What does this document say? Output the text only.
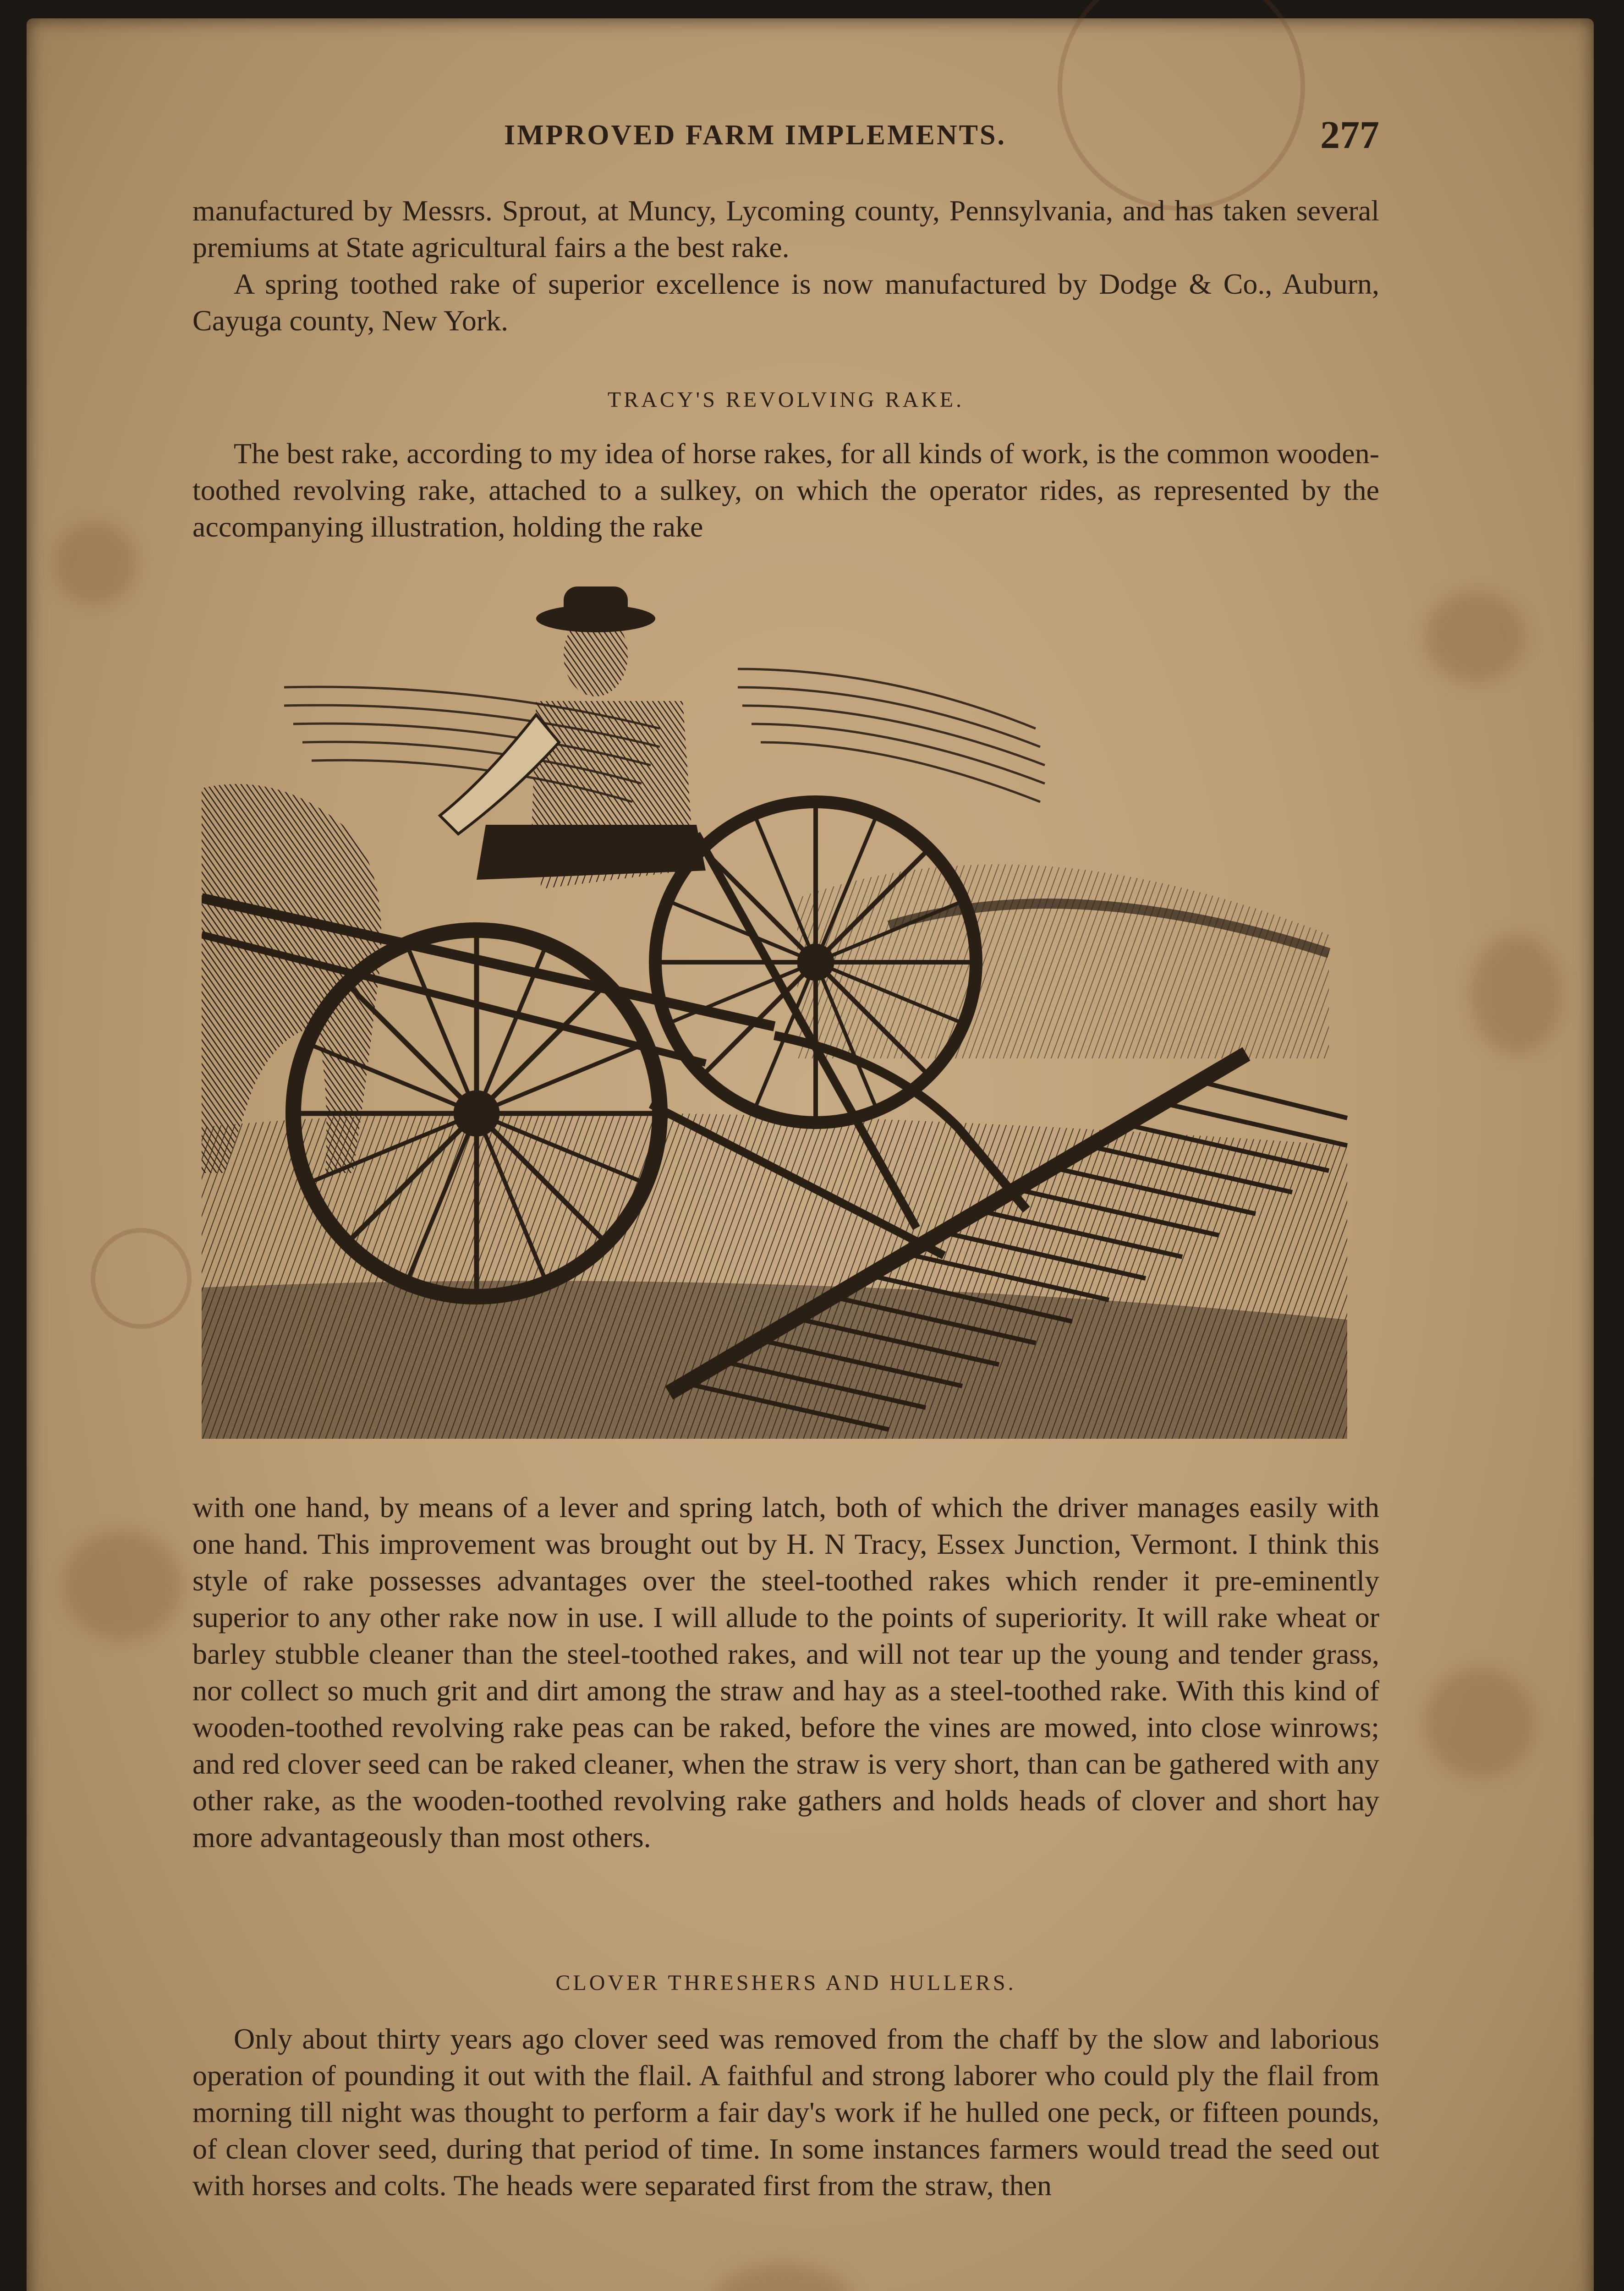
IMPROVED FARM IMPLEMENTS.	277

manufactured by Messrs. Sprout, at Muncy, Lycoming county, Pennsylvania, and has taken several premiums at State agricultural fairs a the best rake.

A spring toothed rake of superior excellence is now manufactured by Dodge & Co., Auburn, Cayuga county, New York.

TRACY'S REVOLVING RAKE.

The best rake, according to my idea of horse rakes, for all kinds of work, is the common wooden-toothed revolving rake, attached to a sulkey, on which the operator rides, as represented by the accompanying illustration, holding the rake

with one hand, by means of a lever and spring latch, both of which the driver manages easily with one hand. This improvement was brought out by H. N Tracy, Essex Junction, Vermont. I think this style of rake possesses advantages over the steel-toothed rakes which render it pre-eminently superior to any other rake now in use. I will allude to the points of superiority. It will rake wheat or barley stubble cleaner than the steel-toothed rakes, and will not tear up the young and tender grass, nor collect so much grit and dirt among the straw and hay as a steel-toothed rake. With this kind of wooden-toothed revolving rake peas can be raked, before the vines are mowed, into close winrows; and red clover seed can be raked cleaner, when the straw is very short, than can be gathered with any other rake, as the wooden-toothed revolving rake gathers and holds heads of clover and short hay more advantageously than most others.

CLOVER THRESHERS AND HULLERS.

Only about thirty years ago clover seed was removed from the chaff by the slow and laborious operation of pounding it out with the flail. A faithful and strong laborer who could ply the flail from morning till night was thought to perform a fair day's work if he hulled one peck, or fifteen pounds, of clean clover seed, during that period of time. In some instances farmers would tread the seed out with horses and colts. The heads were separated first from the straw, then
